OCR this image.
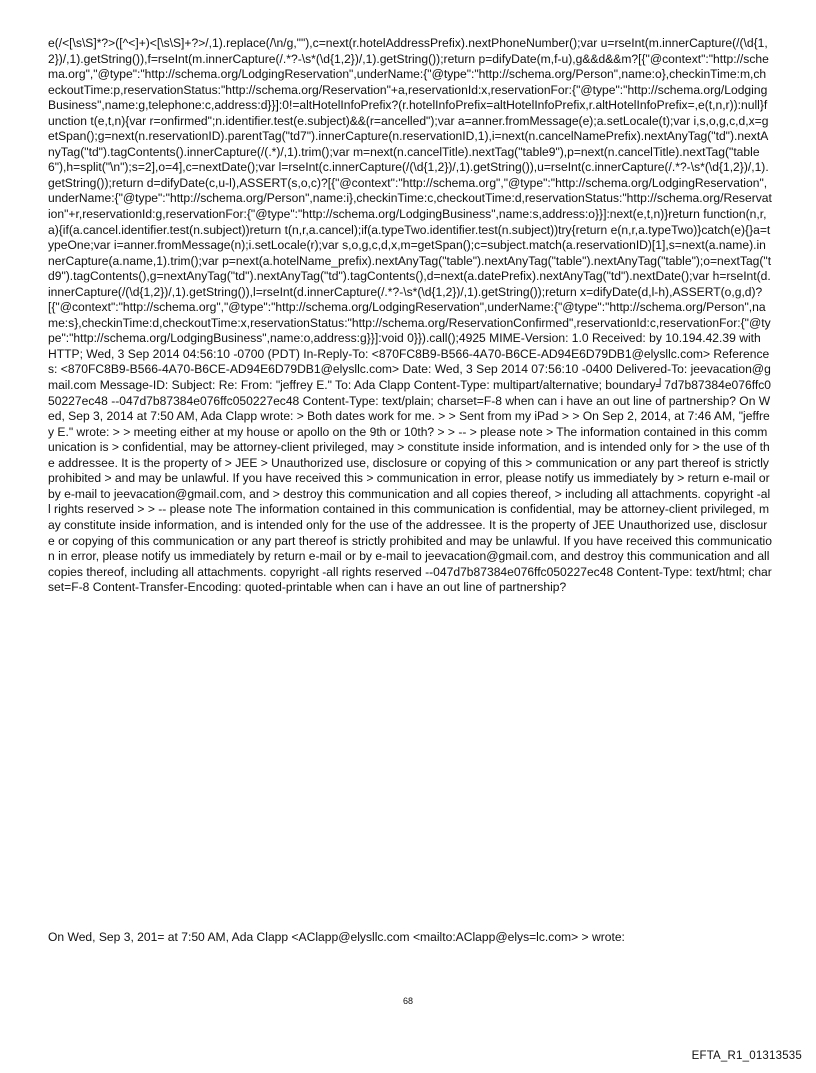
e(/<[\s\S]*?>([^<]+)<[\s\S]+?>/,1).replace(/\n/g,""),c=next(r.hotelAddressPrefix).nextPhoneNumber();var u=rseInt(m.innerCapture(/(\d{1,2})/,1).getString()),f=rseInt(m.innerCapture(/.*?-\s*(\d{1,2})/,1).getString());return p=difyDate(m,f-u),g&&d&&m?[{"@context":"http://schema.org","@type":"http://schema.org/LodgingReservation",underName:{"@type":"http://schema.org/Person",name:o},checkinTime:m,checkoutTime:p,reservationStatus:"http://schema.org/Reservation"+a,reservationId:x,reservationFor:{"@type":"http://schema.org/LodgingBusiness",name:g,telephone:c,address:d}}]:0!=altHotelInfoPrefix?(r.hotelInfoPrefix=altHotelInfoPrefix,r.altHotelInfoPrefix=,e(t,n,r)):null}function t(e,t,n){var r=onfirmed";n.identifier.test(e.subject)&&(r=ancelled");var a=anner.fromMessage(e);a.setLocale(t);var i,s,o,g,c,d,x=getSpan();g=next(n.reservationID).parentTag("td7").innerCapture(n.reservationID,1),i=next(n.cancelNamePrefix).nextAnyTag("td").nextAnyTag("td").tagContents().innerCapture(/(.*)/,1).trim();var m=next(n.cancelTitle).nextTag("table9"),p=next(n.cancelTitle).nextTag("table6"),h=split("\n");s=2],o=4],c=nextDate();var l=rseInt(c.innerCapture(/(\d{1,2})/,1).getString()),u=rseInt(c.innerCapture(/.*?-\s*(\d{1,2})/,1).getString());return d=difyDate(c,u-l),ASSERT(s,o,c)?[{"@context":"http://schema.org","@type":"http://schema.org/LodgingReservation",underName:{"@type":"http://schema.org/Person",name:i},checkinTime:c,checkoutTime:d,reservationStatus:"http://schema.org/Reservation"+r,reservationId:g,reservationFor:{"@type":"http://schema.org/LodgingBusiness",name:s,address:o}}]:next(e,t,n)}return function(n,r,a){if(a.cancel.identifier.test(n.subject))return t(n,r,a.cancel);if(a.typeTwo.identifier.test(n.subject))try{return e(n,r,a.typeTwo)}catch(e){}a=typeOne;var i=anner.fromMessage(n);i.setLocale(r);var s,o,g,c,d,x,m=getSpan();c=subject.match(a.reservationID)[1],s=next(a.name).innerCapture(a.name,1).trim();var p=next(a.hotelName_prefix).nextAnyTag("table").nextAnyTag("table").nextAnyTag("table");o=nextTag("td9").tagContents(),g=nextAnyTag("td").nextAnyTag("td").tagContents(),d=next(a.datePrefix).nextAnyTag("td").nextDate();var h=rseInt(d.innerCapture(/(\d{1,2})/,1).getString()),l=rseInt(d.innerCapture(/.*?-\s*(\d{1,2})/,1).getString());return x=difyDate(d,l-h),ASSERT(o,g,d)?[{"@context":"http://schema.org","@type":"http://schema.org/LodgingReservation",underName:{"@type":"http://schema.org/Person",name:s},checkinTime:d,checkoutTime:x,reservationStatus:"http://schema.org/ReservationConfirmed",reservationId:c,reservationFor:{"@type":"http://schema.org/LodgingBusiness",name:o,address:g}}]:void 0}}).call();4925 MIME-Version: 1.0 Received: by 10.194.42.39 with HTTP; Wed, 3 Sep 2014 04:56:10 -0700 (PDT) In-Reply-To: <870FC8B9-B566-4A70-B6CE-AD94E6D79DB1@elysllc.com> References: <870FC8B9-B566-4A70-B6CE-AD94E6D79DB1@elysllc.com> Date: Wed, 3 Sep 2014 07:56:10 -0400 Delivered-To: jeevacation@gmail.com Message-ID: Subject: Re: From: "jeffrey E." To: Ada Clapp Content-Type: multipart/alternative; boundary╛7d7b87384e076ffc050227ec48 --047d7b87384e076ffc050227ec48 Content-Type: text/plain; charset=F-8 when can i have an out line of partnership? On Wed, Sep 3, 2014 at 7:50 AM, Ada Clapp wrote: > Both dates work for me. > > Sent from my iPad > > On Sep 2, 2014, at 7:46 AM, "jeffrey E." wrote: > > meeting either at my house or apollo on the 9th or 10th? > > -- > please note > The information contained in this communication is > confidential, may be attorney-client privileged, may > constitute inside information, and is intended only for > the use of the addressee. It is the property of > JEE > Unauthorized use, disclosure or copying of this > communication or any part thereof is strictly prohibited > and may be unlawful. If you have received this > communication in error, please notify us immediately by > return e-mail or by e-mail to jeevacation@gmail.com, and > destroy this communication and all copies thereof, > including all attachments. copyright -all rights reserved > > -- please note The information contained in this communication is confidential, may be attorney-client privileged, may constitute inside information, and is intended only for the use of the addressee. It is the property of JEE Unauthorized use, disclosure or copying of this communication or any part thereof is strictly prohibited and may be unlawful. If you have received this communication in error, please notify us immediately by return e-mail or by e-mail to jeevacation@gmail.com, and destroy this communication and all copies thereof, including all attachments. copyright -all rights reserved --047d7b87384e076ffc050227ec48 Content-Type: text/html; charset=F-8 Content-Transfer-Encoding: quoted-printable when can i have an out line of partnership?
On Wed, Sep 3, 201= at 7:50 AM, Ada Clapp <AClapp@elysllc.com <mailto:AClapp@elys=lc.com> > wrote:
68
EFTA_R1_01313535
